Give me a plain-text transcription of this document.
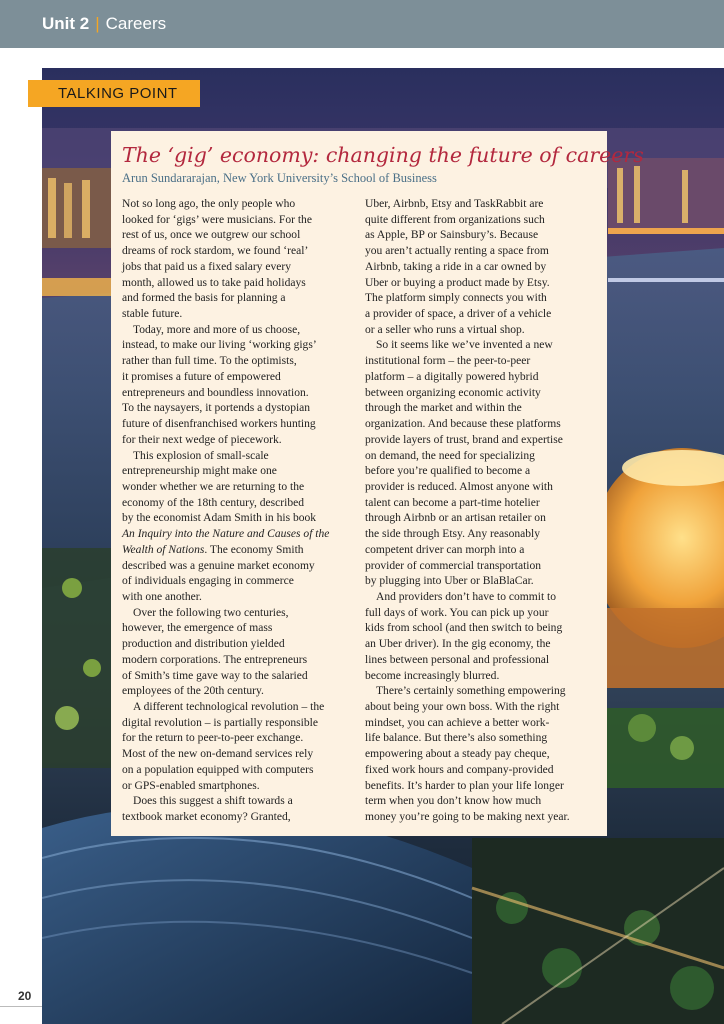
Unit 2 | Careers
TALKING POINT
The ‘gig’ economy: changing the future of careers
Arun Sundararajan, New York University’s School of Business
Not so long ago, the only people who
looked for ‘gigs’ were musicians. For the
rest of us, once we outgrew our school
dreams of rock stardom, we found ‘real’
jobs that paid us a fixed salary every
month, allowed us to take paid holidays
and formed the basis for planning a
stable future.
Today, more and more of us choose,
instead, to make our living ‘working gigs’
rather than full time. To the optimists,
it promises a future of empowered
entrepreneurs and boundless innovation.
To the naysayers, it portends a dystopian
future of disenfranchised workers hunting
for their next wedge of piecework.
This explosion of small-scale
entrepreneurship might make one
wonder whether we are returning to the
economy of the 18th century, described
by the economist Adam Smith in his book
An Inquiry into the Nature and Causes of the
Wealth of Nations. The economy Smith
described was a genuine market economy
of individuals engaging in commerce
with one another.
Over the following two centuries,
however, the emergence of mass
production and distribution yielded
modern corporations. The entrepreneurs
of Smith’s time gave way to the salaried
employees of the 20th century.
A different technological revolution – the
digital revolution – is partially responsible
for the return to peer-to-peer exchange.
Most of the new on-demand services rely
on a population equipped with computers
or GPS-enabled smartphones.
Does this suggest a shift towards a
textbook market economy? Granted,
Uber, Airbnb, Etsy and TaskRabbit are
quite different from organizations such
as Apple, BP or Sainsbury’s. Because
you aren’t actually renting a space from
Airbnb, taking a ride in a car owned by
Uber or buying a product made by Etsy.
The platform simply connects you with
a provider of space, a driver of a vehicle
or a seller who runs a virtual shop.
So it seems like we’ve invented a new
institutional form – the peer-to-peer
platform – a digitally powered hybrid
between organizing economic activity
through the market and within the
organization. And because these platforms
provide layers of trust, brand and expertise
on demand, the need for specializing
before you’re qualified to become a
provider is reduced. Almost anyone with
talent can become a part-time hotelier
through Airbnb or an artisan retailer on
the side through Etsy. Any reasonably
competent driver can morph into a
provider of commercial transportation
by plugging into Uber or BlaBlaCar.
And providers don’t have to commit to
full days of work. You can pick up your
kids from school (and then switch to being
an Uber driver). In the gig economy, the
lines between personal and professional
become increasingly blurred.
There’s certainly something empowering
about being your own boss. With the right
mindset, you can achieve a better work-
life balance. But there’s also something
empowering about a steady pay cheque,
fixed work hours and company-provided
benefits. It’s harder to plan your life longer
term when you don’t know how much
money you’re going to be making next year.
20
